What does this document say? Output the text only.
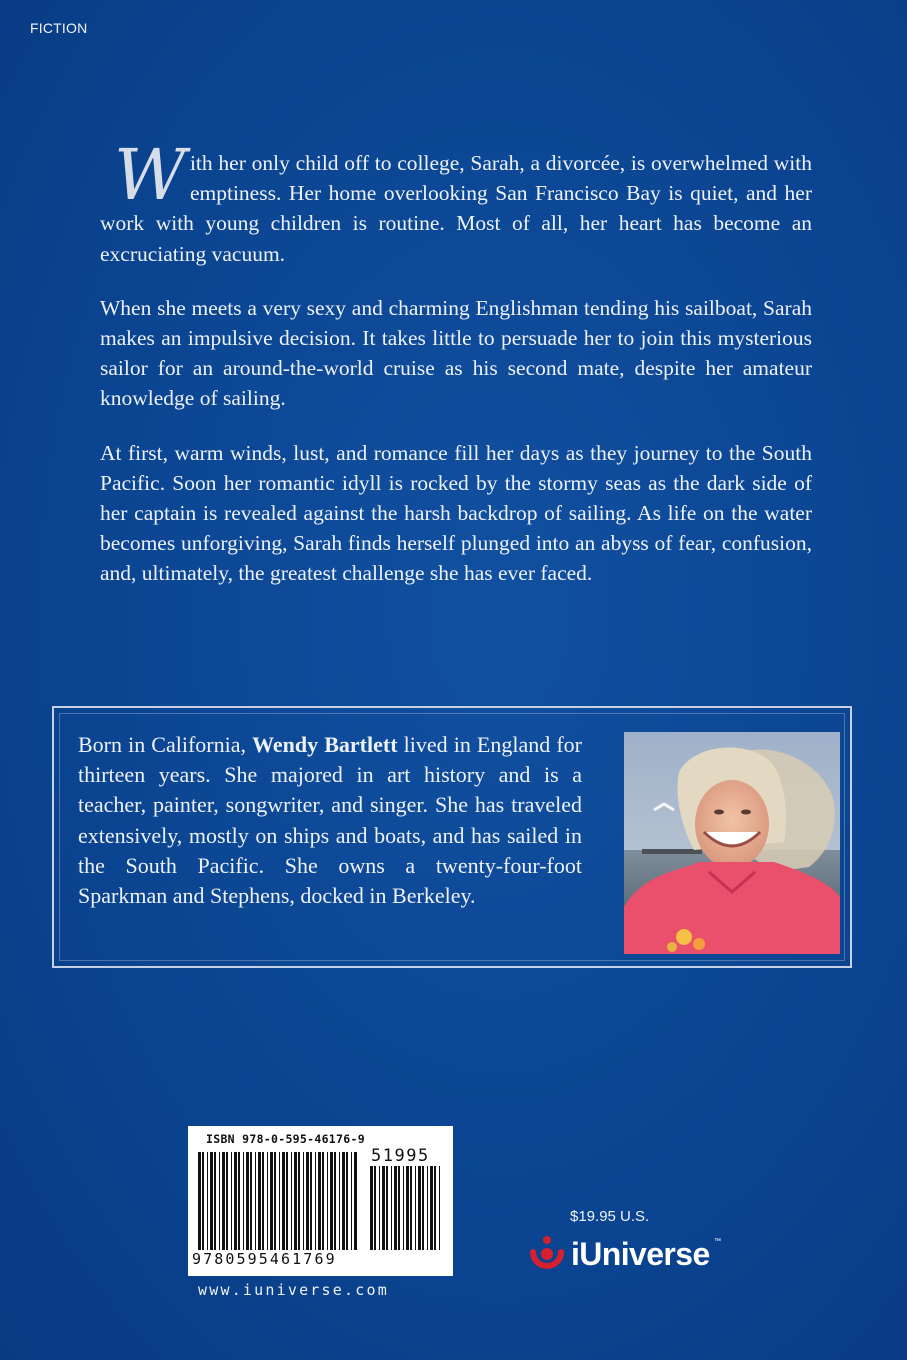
FICTION

With her only child off to college, Sarah, a divorcée, is overwhelmed with emptiness. Her home overlooking San Francisco Bay is quiet, and her work with young children is routine. Most of all, her heart has become an excruciating vacuum.

When she meets a very sexy and charming Englishman tending his sailboat, Sarah makes an impulsive decision. It takes little to persuade her to join this mysterious sailor for an around-the-world cruise as his second mate, despite her amateur knowledge of sailing.

At first, warm winds, lust, and romance fill her days as they journey to the South Pacific. Soon her romantic idyll is rocked by the stormy seas as the dark side of her captain is revealed against the harsh backdrop of sailing. As life on the water becomes unforgiving, Sarah finds herself plunged into an abyss of fear, confusion, and, ultimately, the greatest challenge she has ever faced.

Born in California, Wendy Bartlett lived in England for thirteen years. She majored in art history and is a teacher, painter, songwriter, and singer. She has traveled extensively, mostly on ships and boats, and has sailed in the South Pacific. She owns a twenty-four-foot Sparkman and Stephens, docked in Berkeley.
ISBN 978-0-595-46176-9
51995
9780595461769
www.iuniverse.com
$19.95 U.S.
iUniverse ™
